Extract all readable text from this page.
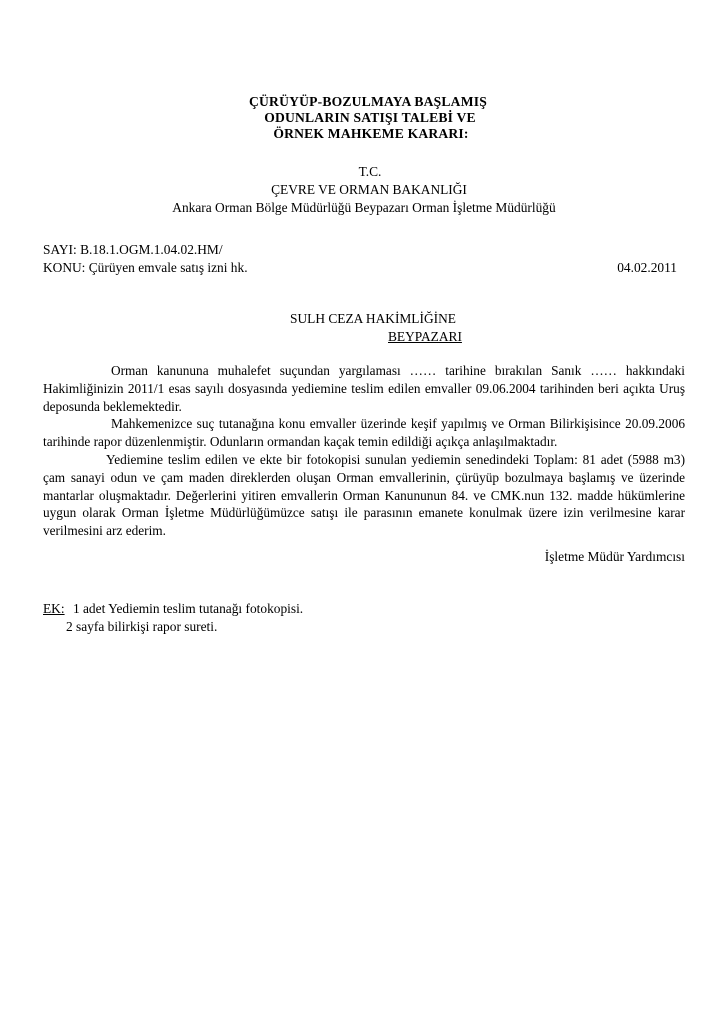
ÇÜRÜYÜP-BOZULMAYA BAŞLAMIŞ
ODUNLARIN SATIŞI TALEBİ VE
ÖRNEK MAHKEME KARARI:
T.C.
ÇEVRE VE ORMAN BAKANLIĞI
Ankara Orman Bölge Müdürlüğü Beypazarı Orman İşletme Müdürlüğü
SAYI: B.18.1.OGM.1.04.02.HM/
KONU: Çürüyen emvale satış izni hk.	04.02.2011
SULH CEZA HAKİMLİĞİNE
BEYPAZARI

Orman kanununa muhalefet suçundan yargılaması …… tarihine bırakılan Sanık …… hakkındaki Hakimliğinizin 2011/1 esas sayılı dosyasında yediemine teslim edilen emvaller 09.06.2004 tarihinden beri açıkta Uruş deposunda beklemektedir.

Mahkemenizce suç tutanağına konu emvaller üzerinde keşif yapılmış ve Orman Bilirkişisince 20.09.2006 tarihinde rapor düzenlenmiştir. Odunların ormandan kaçak temin edildiği açıkça anlaşılmaktadır.

Yediemine teslim edilen ve ekte bir fotokopisi sunulan yediemin senedindeki Toplam: 81 adet (5988 m3) çam sanayi odun ve çam maden direklerden oluşan Orman emvallerinin, çürüyüp bozulmaya başlamış ve üzerinde mantarlar oluşmaktadır. Değerlerini yitiren emvallerin Orman Kanununun 84. ve CMK.nun 132. madde hükümlerine uygun olarak Orman İşletme Müdürlüğümüzce satışı ile parasının emanete konulmak üzere izin verilmesine karar verilmesini arz ederim.

İşletme Müdür Yardımcısı
EK: 1 adet Yediemin teslim tutanağı fotokopisi.
2 sayfa bilirkişi rapor sureti.
